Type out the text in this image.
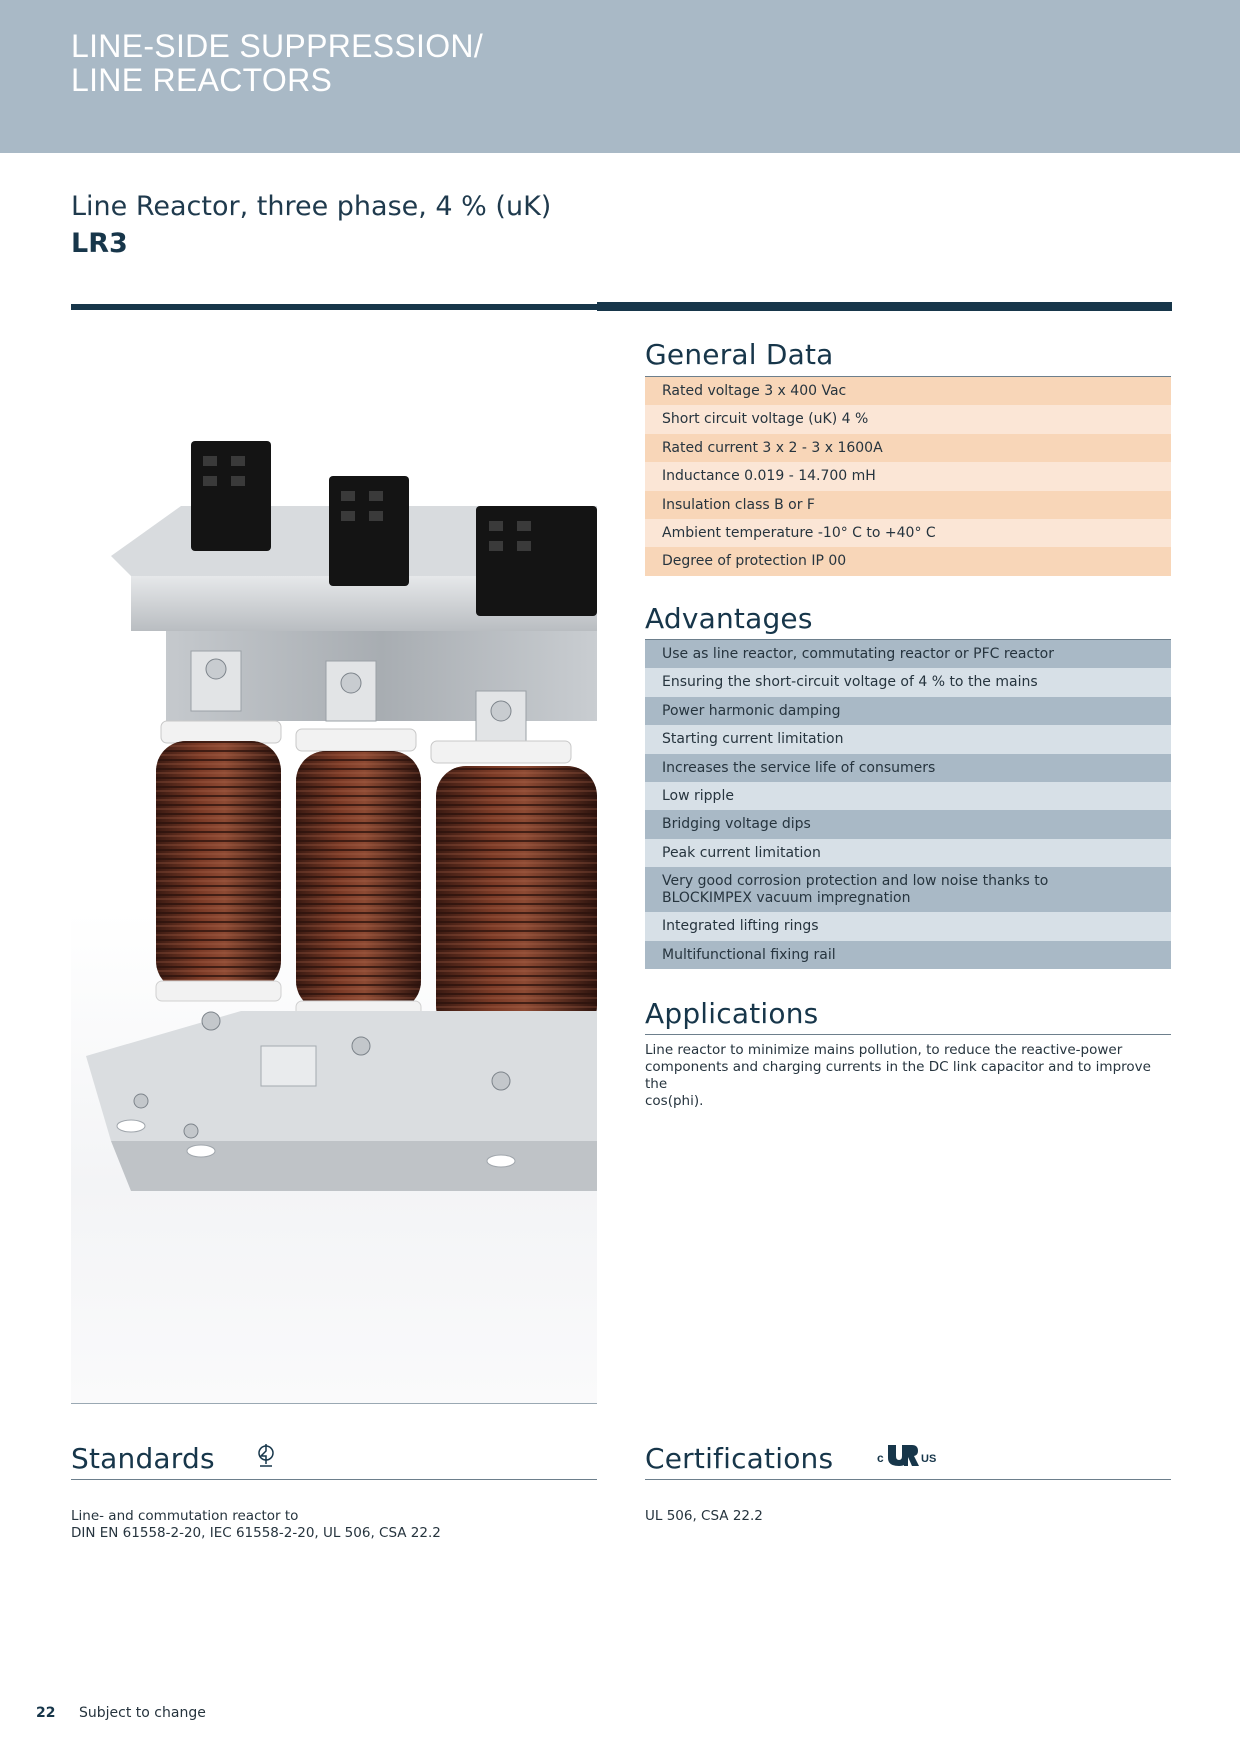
LINE-SIDE SUPPRESSION/
LINE REACTORS
Line Reactor, three phase, 4 % (uK)
LR3
General Data
Rated voltage 3 x 400 Vac
Short circuit voltage (uK) 4 %
Rated current 3 x 2 - 3 x 1600A
Inductance 0.019 - 14.700 mH
Insulation class B or F
Ambient temperature -10° C to +40° C
Degree of protection IP 00
Advantages
Use as line reactor, commutating reactor or PFC reactor
Ensuring the short-circuit voltage of 4 % to the mains
Power harmonic damping
Starting current limitation
Increases the service life of consumers
Low ripple
Bridging voltage dips
Peak current limitation
Very good corrosion protection and low noise thanks to BLOCKIMPEX vacuum impregnation
Integrated lifting rings
Multifunctional fixing rail
Applications
Line reactor to minimize mains pollution, to reduce the reactive-power
components and charging currents in the DC link capacitor and to improve the
cos(phi).
Standards
Line- and commutation reactor to
DIN EN 61558-2-20, IEC 61558-2-20, UL 506, CSA 22.2
Certifications	c	US
UL 506, CSA 22.2
22 Subject to change
